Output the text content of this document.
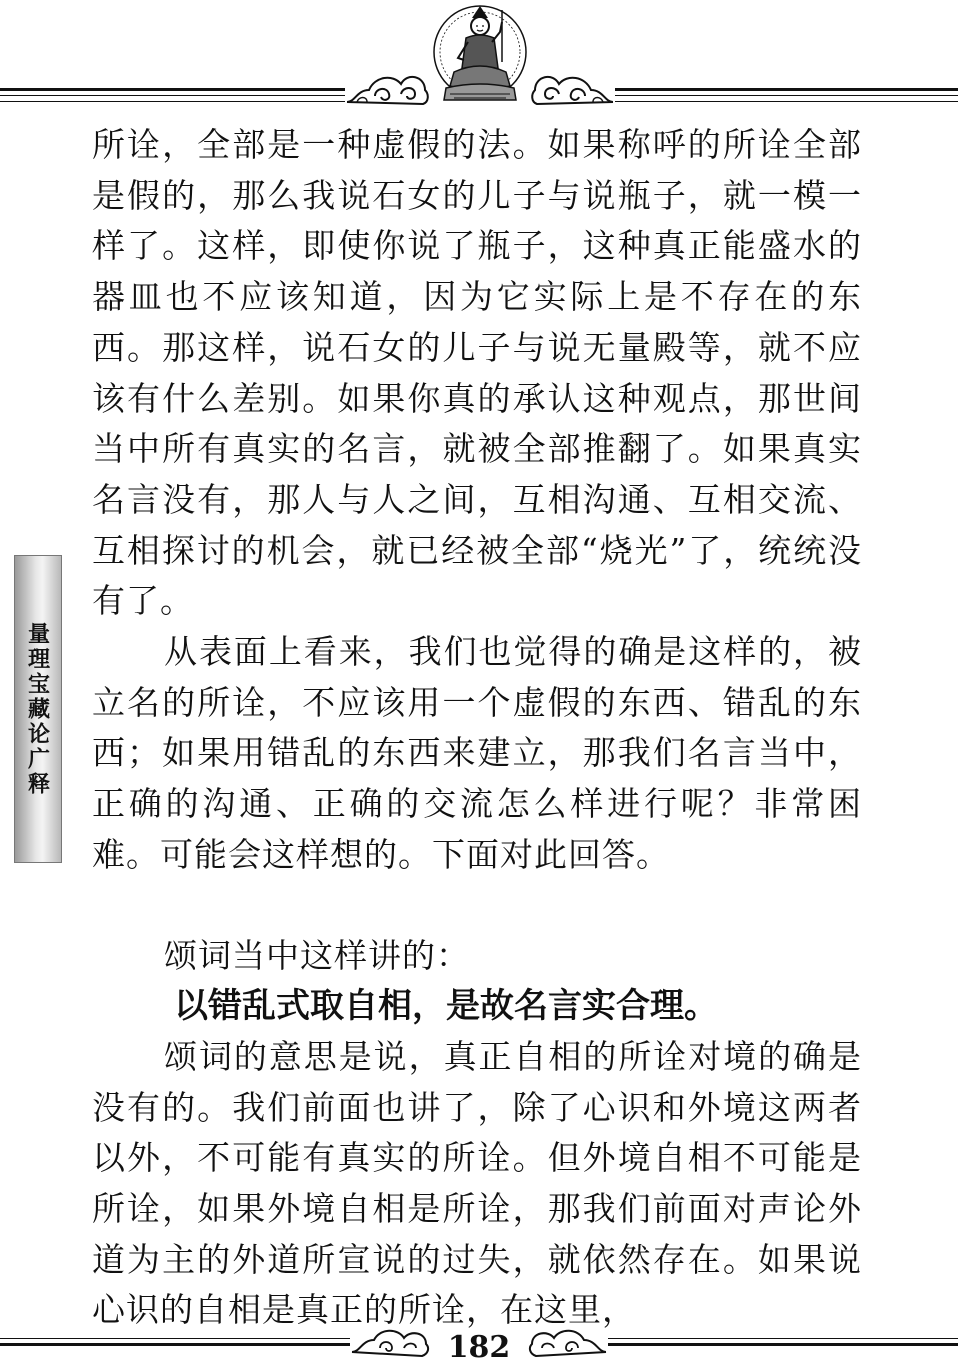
量理宝藏论广释

所诠，全部是一种虚假的法。如果称呼的所诠全部是假的，那么我说石女的儿子与说瓶子，就一模一样了。这样，即使你说了瓶子，这种真正能盛水的器皿也不应该知道，因为它实际上是不存在的东西。那这样，说石女的儿子与说无量殿等，就不应该有什么差别。如果你真的承认这种观点，那世间当中所有真实的名言，就被全部推翻了。如果真实名言没有，那人与人之间，互相沟通、互相交流、互相探讨的机会，就已经被全部“烧光”了，统统没有了。

从表面上看来，我们也觉得的确是这样的，被立名的所诠，不应该用一个虚假的东西、错乱的东西；如果用错乱的东西来建立，那我们名言当中，正确的沟通、正确的交流怎么样进行呢？非常困难。可能会这样想的。下面对此回答。

颂词当中这样讲的：

以错乱式取自相，是故名言实合理。

颂词的意思是说，真正自相的所诠对境的确是没有的。我们前面也讲了，除了心识和外境这两者以外，不可能有真实的所诠。但外境自相不可能是所诠，如果外境自相是所诠，那我们前面对声论外道为主的外道所宣说的过失，就依然存在。如果说心识的自相是真正的所诠，在这里，

182
